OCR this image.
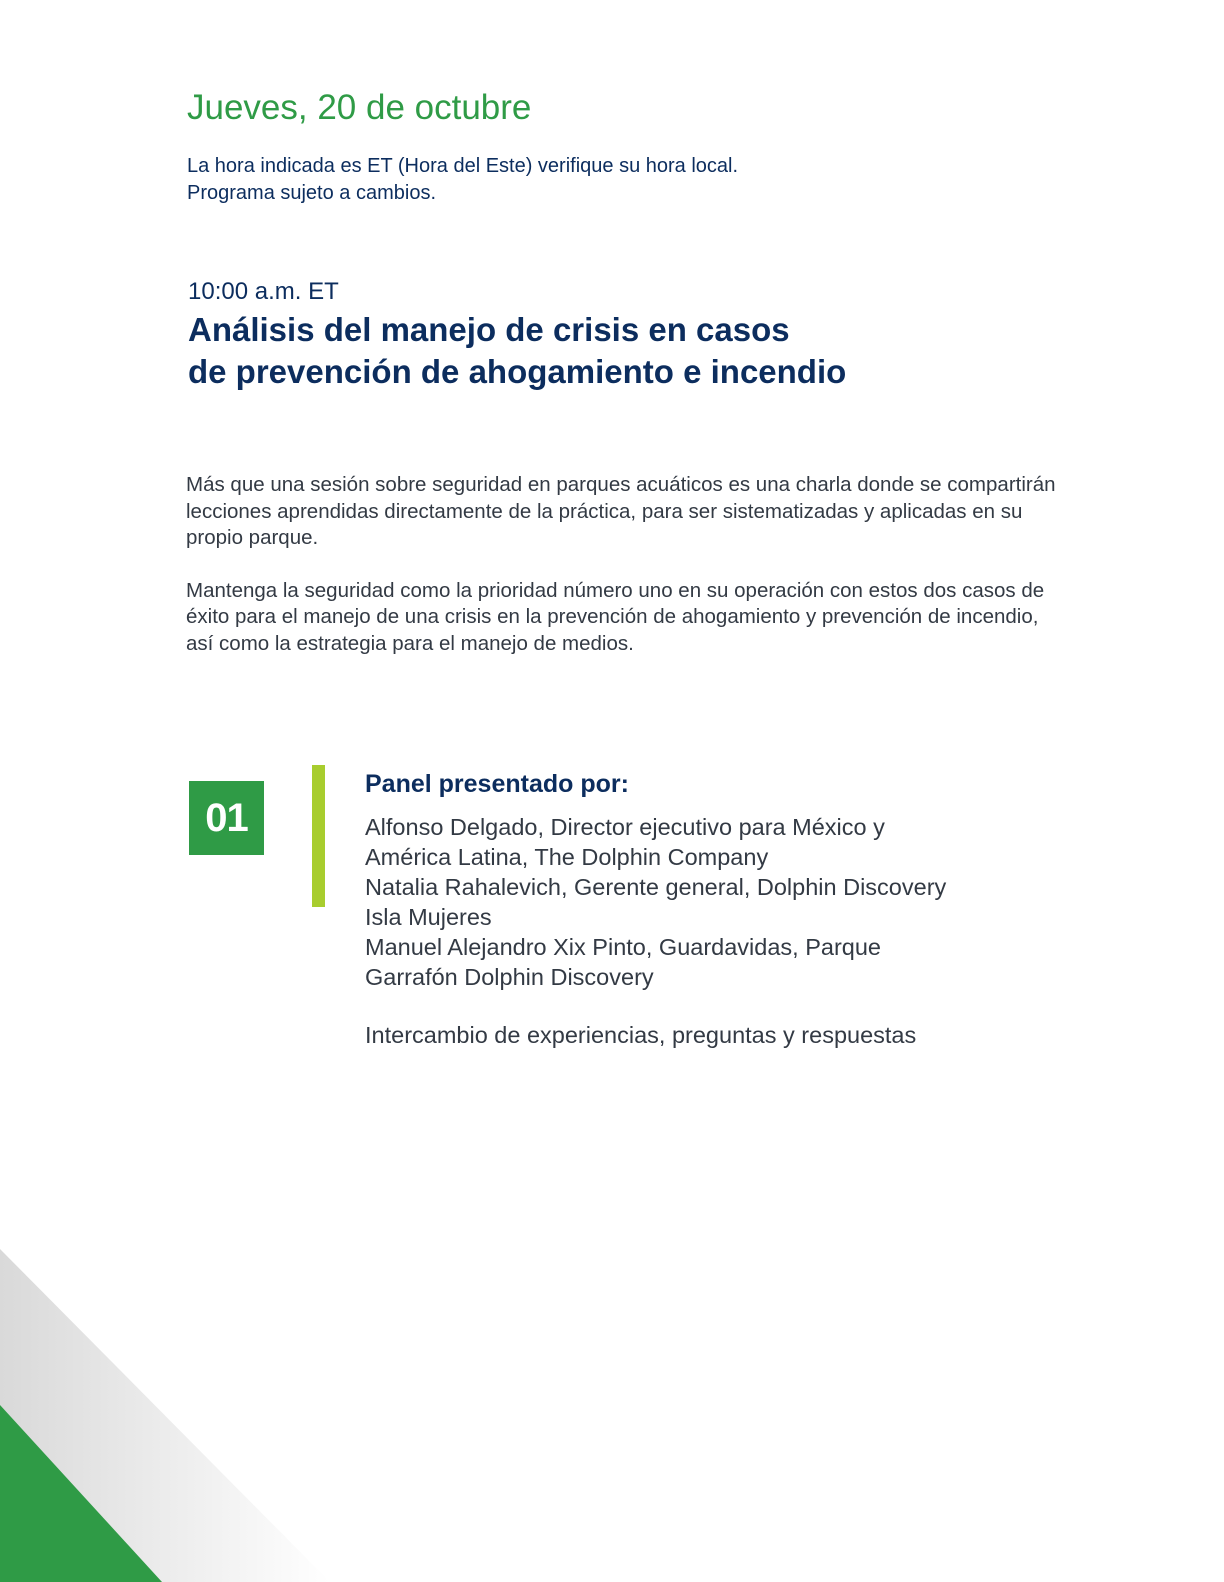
Jueves, 20 de octubre
La hora indicada es ET (Hora del Este) verifique su hora local.
Programa sujeto a cambios.
10:00 a.m. ET
Análisis del manejo de crisis en casos
de prevención de ahogamiento e incendio

Más que una sesión sobre seguridad en parques acuáticos es una charla donde se compartirán lecciones aprendidas directamente de la práctica, para ser sistematizadas y aplicadas en su propio parque.

Mantenga la seguridad como la prioridad número uno en su operación con estos dos casos de éxito para el manejo de una crisis en la prevención de ahogamiento y prevención de incendio, así como la estrategia para el manejo de medios.

01
Panel presentado por:
Alfonso Delgado, Director ejecutivo para México y
América Latina, The Dolphin Company
Natalia Rahalevich, Gerente general, Dolphin Discovery
Isla Mujeres
Manuel Alejandro Xix Pinto, Guardavidas, Parque
Garrafón Dolphin Discovery
Intercambio de experiencias, preguntas y respuestas
